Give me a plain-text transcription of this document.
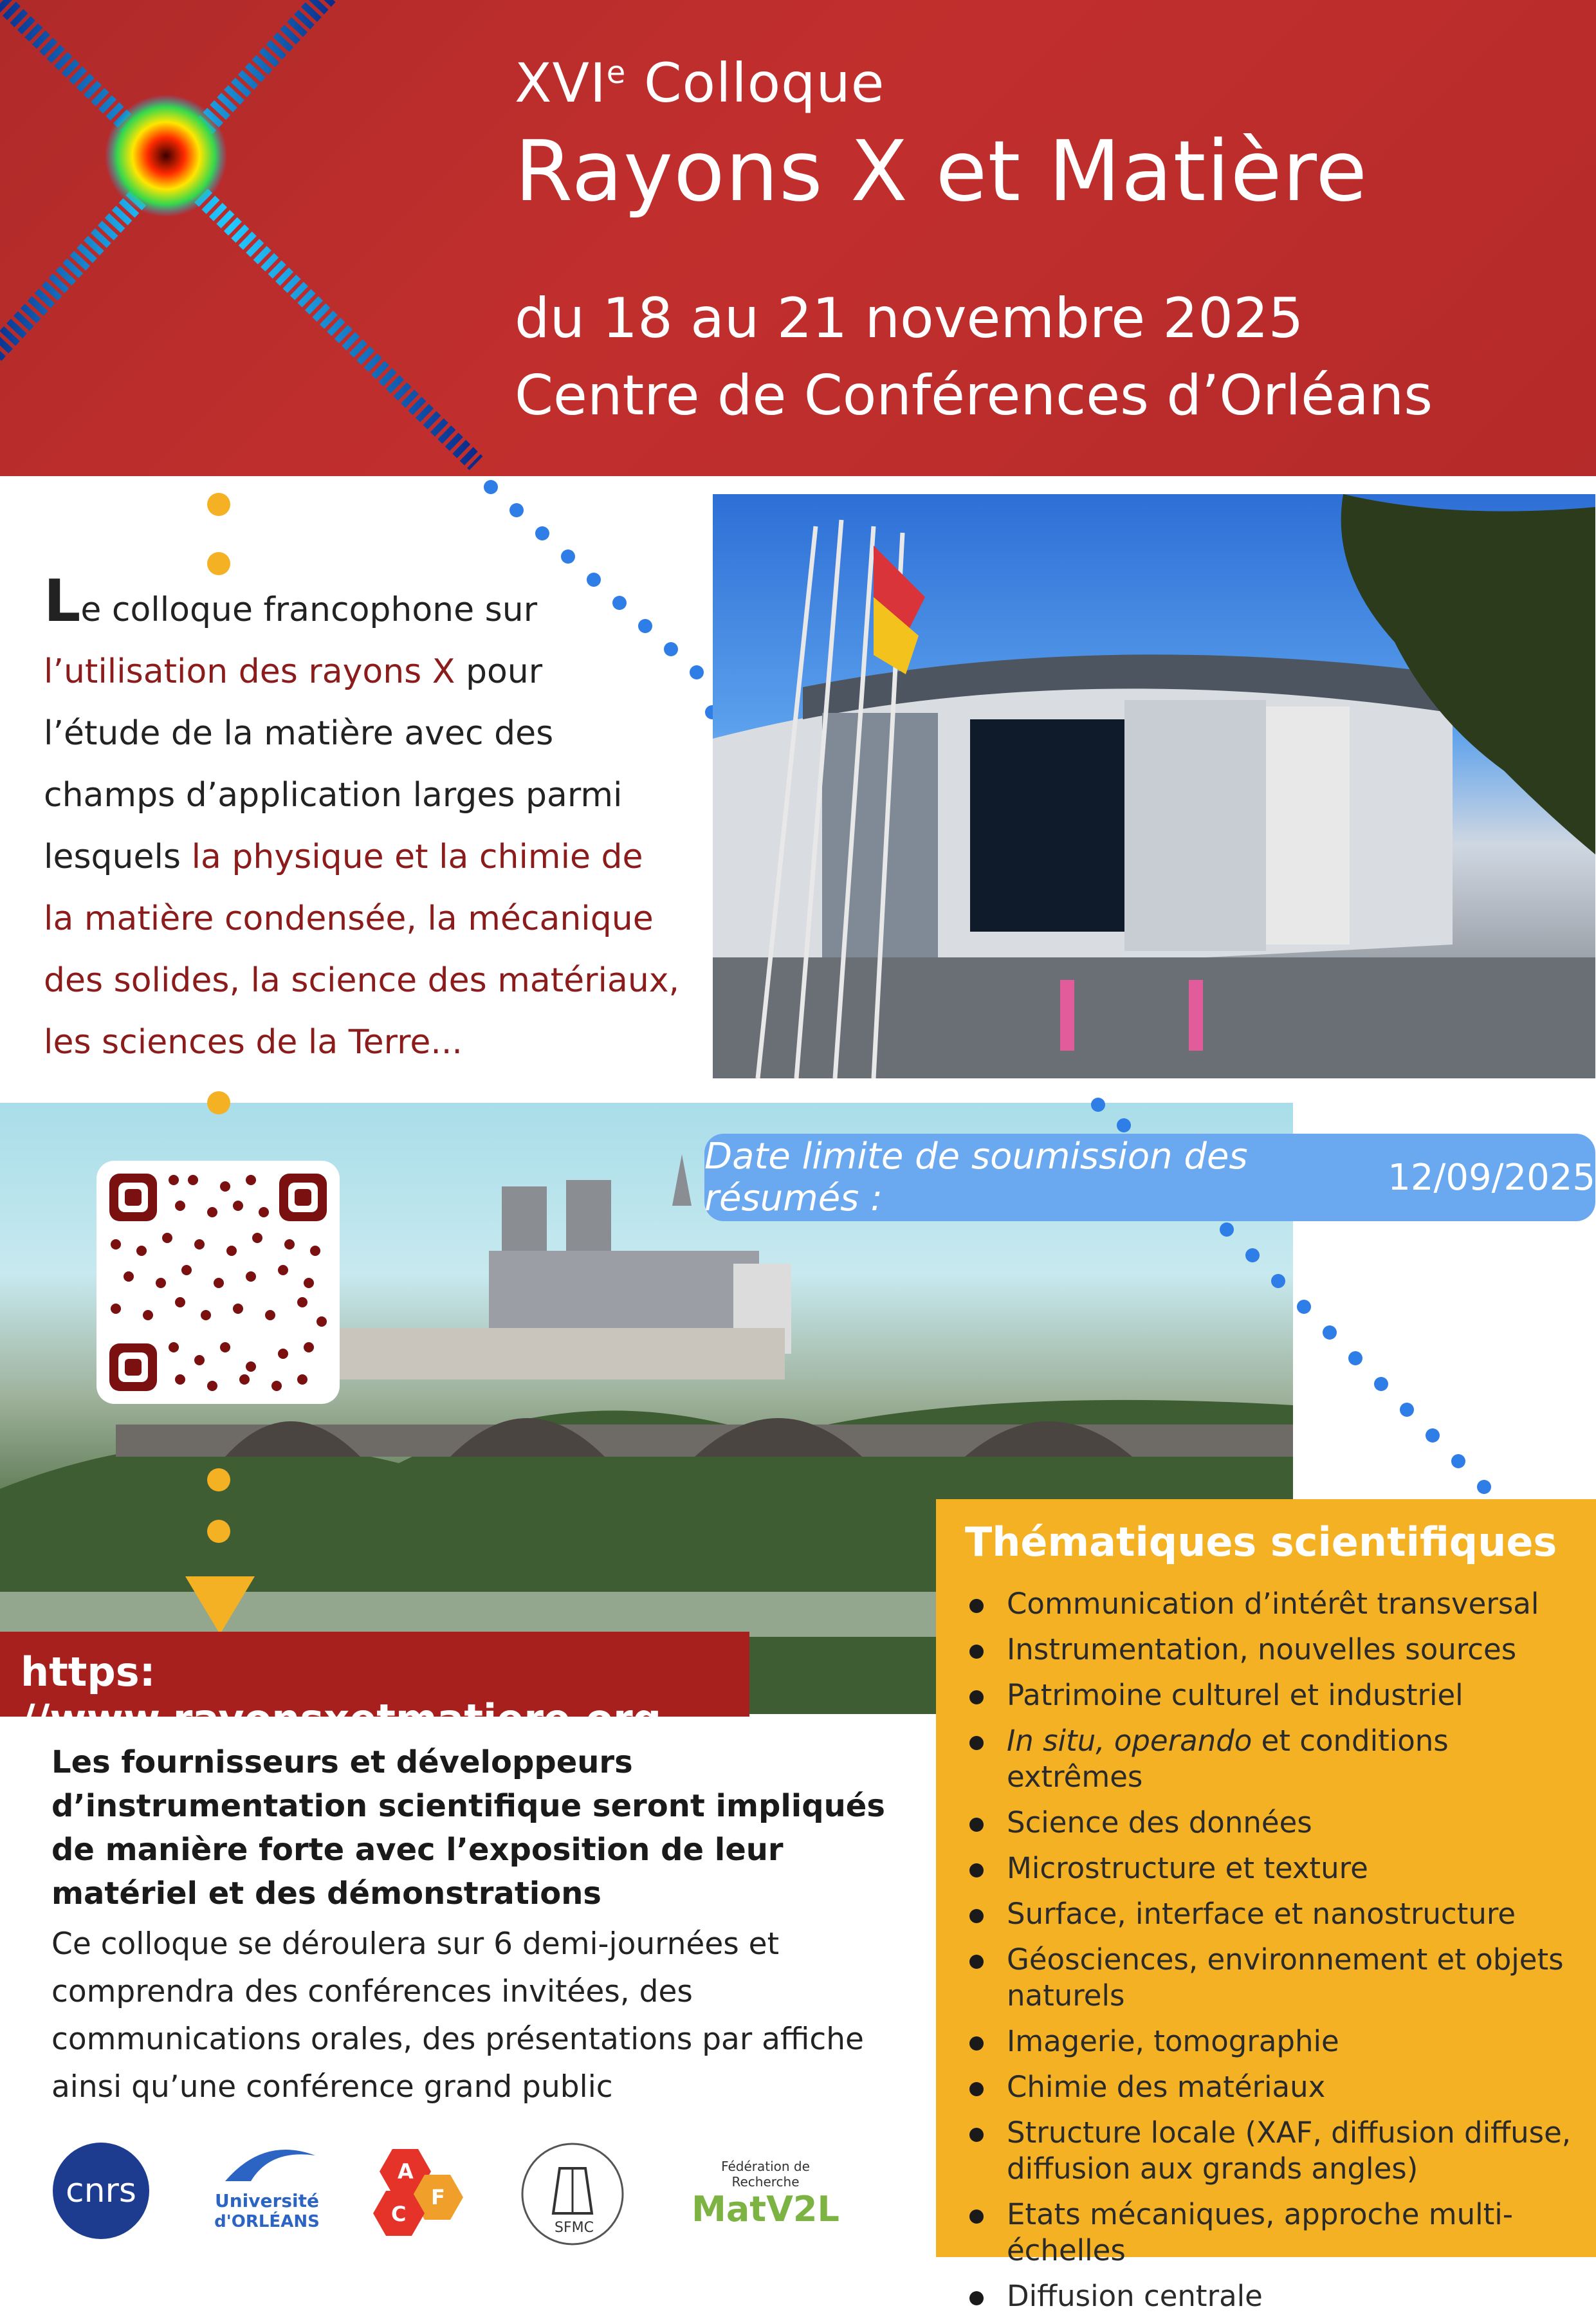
XVIe Colloque
Rayons X et Matière
du 18 au 21 novembre 2025
Centre de Conférences d’Orléans
Le colloque francophone sur
l’utilisation des rayons X pour
l’étude de la matière avec des
champs d’application larges parmi
lesquels la physique et la chimie de
la matière condensée, la mécanique
des solides, la science des matériaux,
les sciences de la Terre...
Date limite de soumission des résumés :	12/09/2025
https: //www.rayonsxetmatiere.org
Les fournisseurs et développeurs d’instrumentation scientifique seront impliqués de manière forte avec l’exposition de leur matériel et des démonstrations
Ce colloque se déroulera sur 6 demi-journées et comprendra des conférences invitées, des communications orales, des présentations par affiche ainsi qu’une conférence grand public
Thématiques scientifiques
Communication d’intérêt transversal
Instrumentation, nouvelles sources
Patrimoine culturel et industriel
In situ, operando et conditions extrêmes
Science des données
Microstructure et texture
Surface, interface et nanostructure
Géosciences, environnement et objets naturels
Imagerie, tomographie
Chimie des matériaux
Structure locale (XAF, diffusion diffuse, diffusion aux grands angles)
Etats mécaniques, approche multi-échelles
Diffusion centrale
cnrs	Université
d'ORLÉANS
A
F
C
SFMC
Fédération de Recherche
MatV2L
